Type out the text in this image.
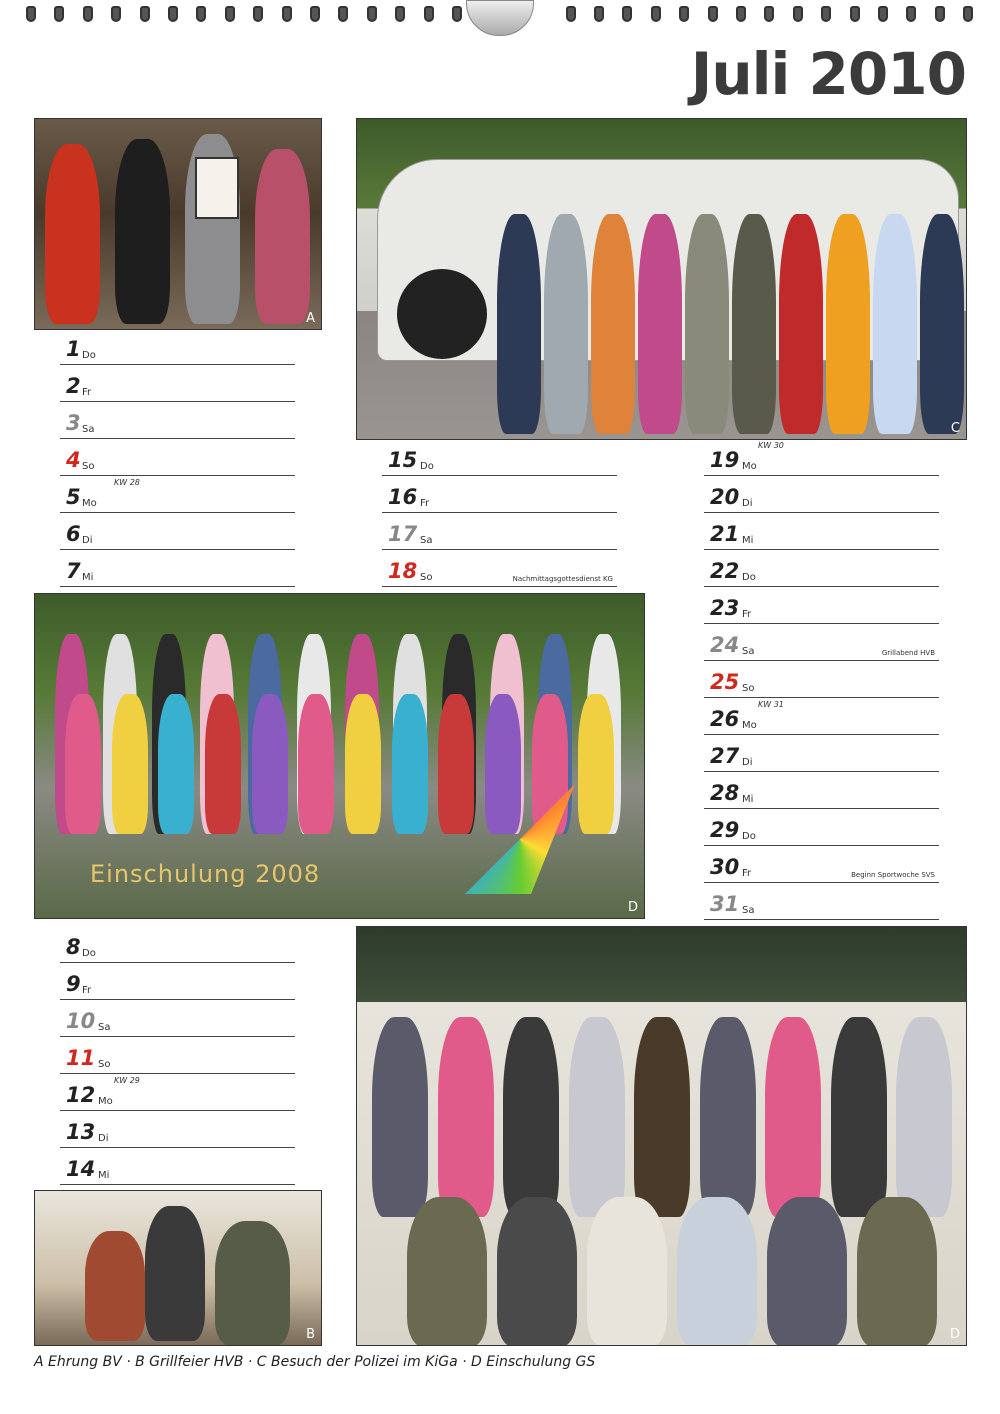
Juli 2010
A
C
Einschulung 2008
D
D
B
1 Do
2 Fr
3 Sa
4 So
5 Mo
KW 28
6 Di
7 Mi
15 Do
16 Fr
17 Sa
18 So	Nachmittagsgottesdienst KG
19 Mo
KW 30
20 Di
21 Mi
22 Do
23 Fr
24 Sa	Grillabend HVB
25 So
26 Mo
KW 31
27 Di
28 Mi
29 Do
30 Fr	Beginn Sportwoche SVS
31 Sa
8 Do
9 Fr
10 Sa
11 So
12 Mo
KW 29
13 Di
14 Mi
A Ehrung BV · B Grillfeier HVB · C Besuch der Polizei im KiGa · D Einschulung GS
